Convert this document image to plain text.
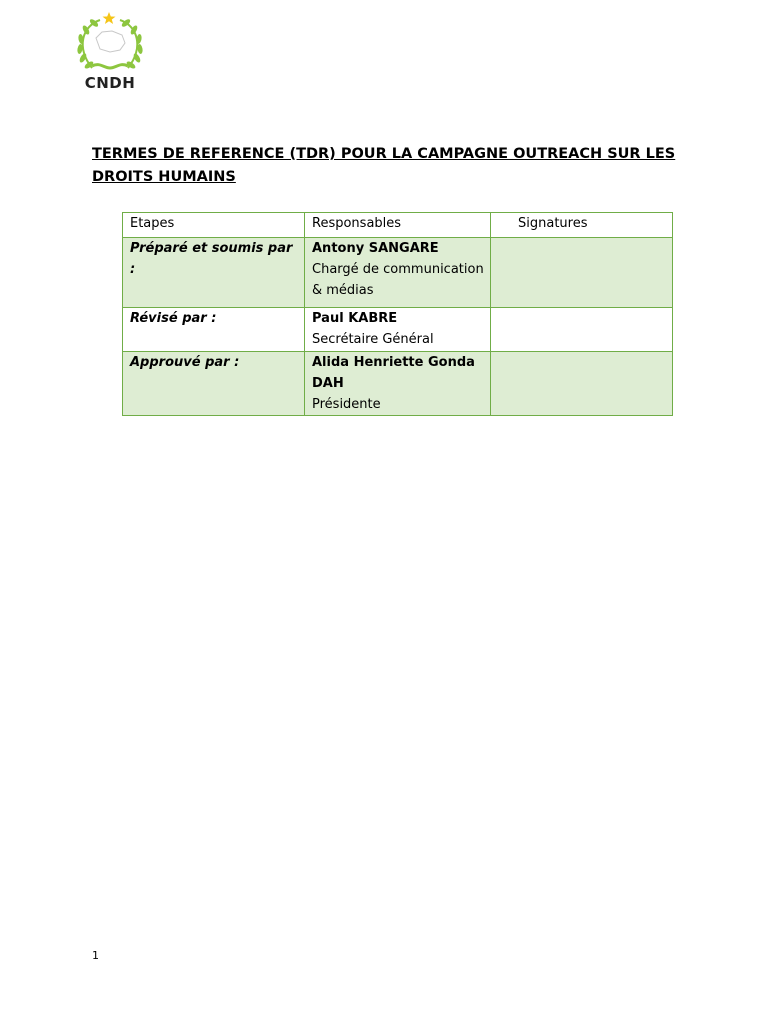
CNDH
TERMES DE REFERENCE (TDR) POUR LA CAMPAGNE OUTREACH SUR LES DROITS HUMAINS
Etapes	Responsables	Signatures
Préparé et soumis par :	Antony SANGARE
Chargé de communication & médias	

Révisé par :	Paul KABRE
Secrétaire Général	

Approuvé par :	Alida Henriette Gonda DAH
Présidente	

1
